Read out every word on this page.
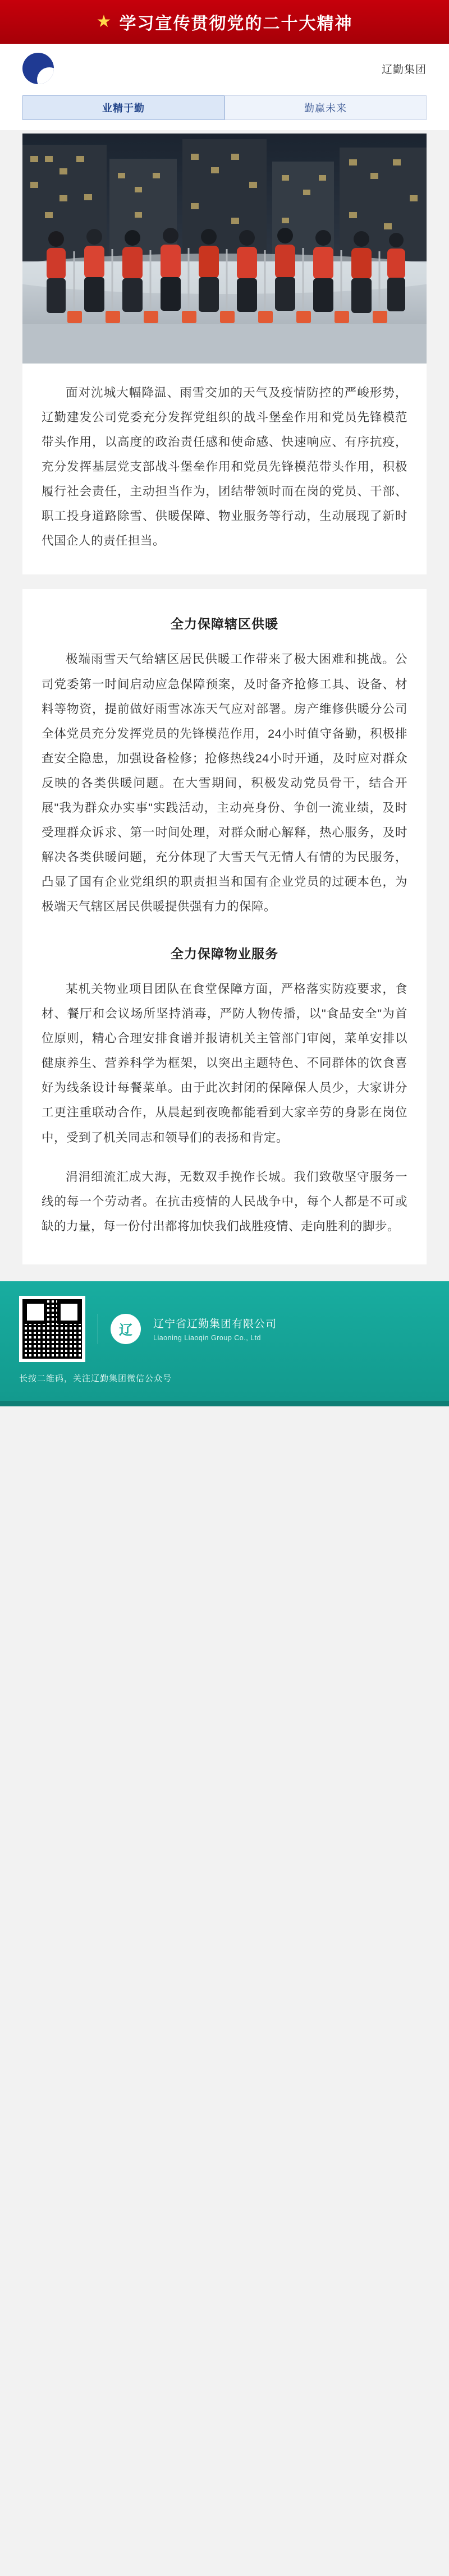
★ 学习宣传贯彻党的二十大精神
辽勤集团
业精于勤	勤赢未来

面对沈城大幅降温、雨雪交加的天气及疫情防控的严峻形势，辽勤建发公司党委充分发挥党组织的战斗堡垒作用和党员先锋模范带头作用，以高度的政治责任感和使命感、快速响应、有序抗疫，充分发挥基层党支部战斗堡垒作用和党员先锋模范带头作用，积极履行社会责任，主动担当作为，团结带领时而在岗的党员、干部、职工投身道路除雪、供暖保障、物业服务等行动，生动展现了新时代国企人的责任担当。

全力保障辖区供暖

极端雨雪天气给辖区居民供暖工作带来了极大困难和挑战。公司党委第一时间启动应急保障预案，及时备齐抢修工具、设备、材料等物资，提前做好雨雪冰冻天气应对部署。房产维修供暖分公司全体党员充分发挥党员的先锋模范作用，24小时值守备勤，积极排查安全隐患，加强设备检修；抢修热线24小时开通，及时应对群众反映的各类供暖问题。在大雪期间，积极发动党员骨干，结合开展"我为群众办实事"实践活动，主动亮身份、争创一流业绩，及时受理群众诉求、第一时间处理，对群众耐心解释，热心服务，及时解决各类供暖问题，充分体现了大雪天气无情人有情的为民服务，凸显了国有企业党组织的职责担当和国有企业党员的过硬本色，为极端天气辖区居民供暖提供强有力的保障。

全力保障物业服务

某机关物业项目团队在食堂保障方面，严格落实防疫要求，食材、餐厅和会议场所坚持消毒，严防人物传播，以"食品安全"为首位原则，精心合理安排食谱并报请机关主管部门审阅，菜单安排以健康养生、营养科学为框架，以突出主题特色、不同群体的饮食喜好为线条设计每餐菜单。由于此次封闭的保障保人员少，大家讲分工更注重联动合作，从晨起到夜晚都能看到大家辛劳的身影在岗位中，受到了机关同志和领导们的表扬和肯定。

涓涓细流汇成大海，无数双手挽作长城。我们致敬坚守服务一线的每一个劳动者。在抗击疫情的人民战争中，每个人都是不可或缺的力量，每一份付出都将加快我们战胜疫情、走向胜利的脚步。

辽	辽宁省辽勤集团有限公司
Liaoning Liaoqin Group Co., Ltd
长按二维码，关注辽勤集团微信公众号
